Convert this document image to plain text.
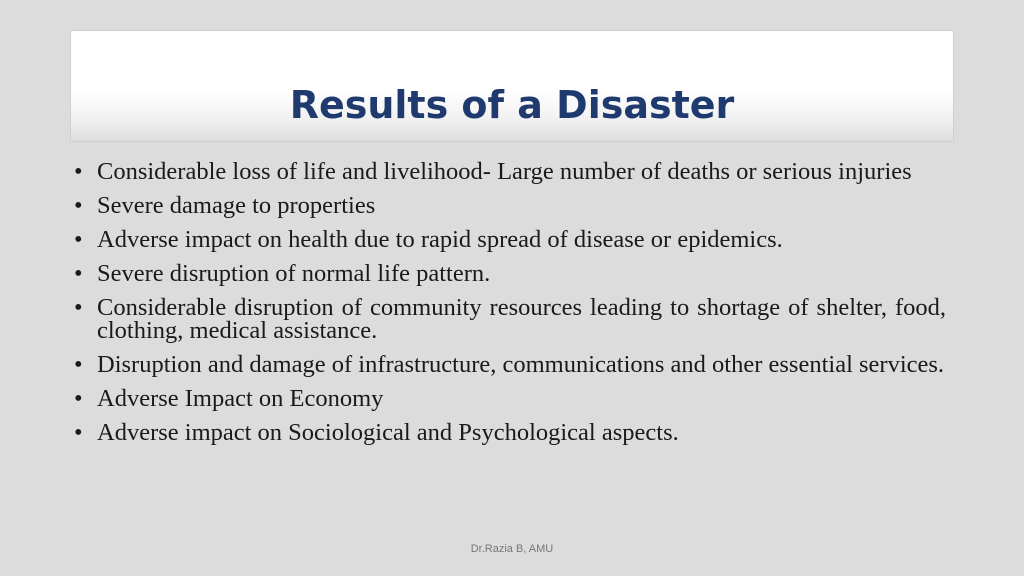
Results of a Disaster
• Considerable loss of life and livelihood- Large number of deaths or serious injuries
• Severe damage to properties
• Adverse impact on health due to rapid spread of disease or epidemics.
• Severe disruption of normal life pattern.
• Considerable disruption of community resources leading to shortage of shelter, food, clothing, medical assistance.
• Disruption and damage of infrastructure, communications and other essential services.
• Adverse Impact on Economy
• Adverse impact on Sociological and Psychological aspects.
Dr.Razia B, AMU
